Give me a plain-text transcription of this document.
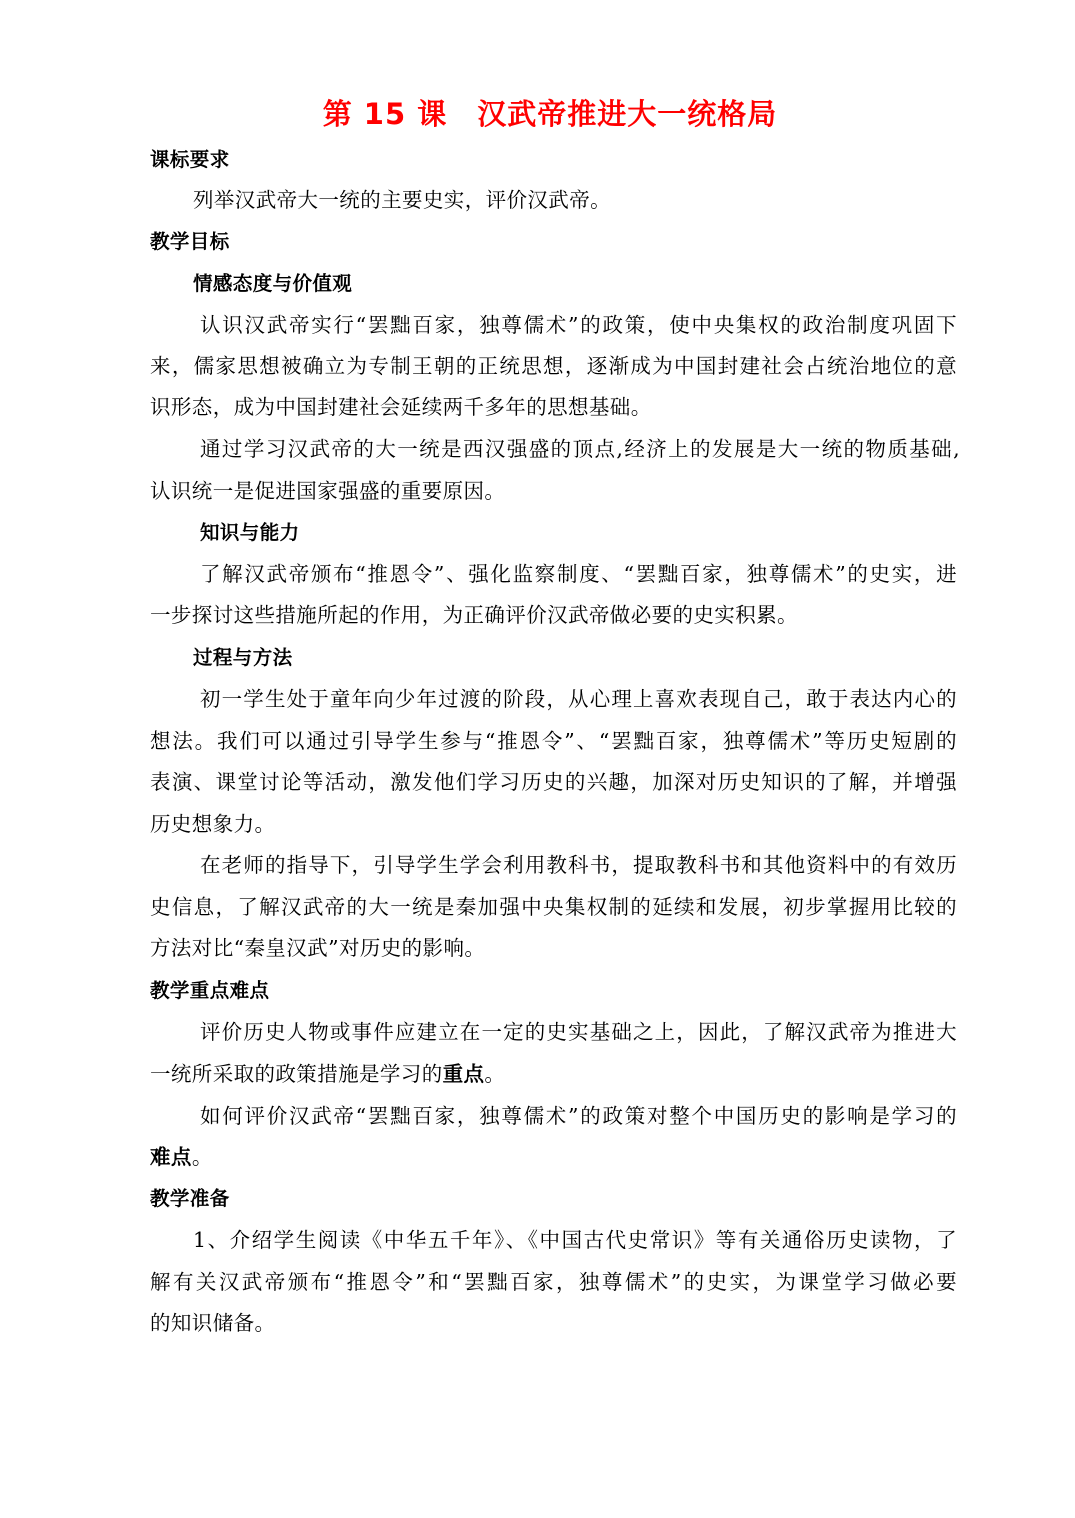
第 15 课 汉武帝推进大一统格局
课标要求
列举汉武帝大一统的主要史实，评价汉武帝。
教学目标
情感态度与价值观
认识汉武帝实行“罢黜百家，独尊儒术”的政策，使中央集权的政治制度巩固下
来，儒家思想被确立为专制王朝的正统思想，逐渐成为中国封建社会占统治地位的意
识形态，成为中国封建社会延续两千多年的思想基础。
通过学习汉武帝的大一统是西汉强盛的顶点,经济上的发展是大一统的物质基础,
认识统一是促进国家强盛的重要原因。
知识与能力
了解汉武帝颁布“推恩令”、强化监察制度、“罢黜百家，独尊儒术”的史实，进
一步探讨这些措施所起的作用，为正确评价汉武帝做必要的史实积累。
过程与方法
初一学生处于童年向少年过渡的阶段，从心理上喜欢表现自己，敢于表达内心的
想法。我们可以通过引导学生参与“推恩令”、“罢黜百家，独尊儒术”等历史短剧的
表演、课堂讨论等活动，激发他们学习历史的兴趣，加深对历史知识的了解，并增强
历史想象力。
在老师的指导下，引导学生学会利用教科书，提取教科书和其他资料中的有效历
史信息，了解汉武帝的大一统是秦加强中央集权制的延续和发展，初步掌握用比较的
方法对比“秦皇汉武”对历史的影响。
教学重点难点
评价历史人物或事件应建立在一定的史实基础之上，因此，了解汉武帝为推进大
一统所采取的政策措施是学习的重点。
如何评价汉武帝“罢黜百家，独尊儒术”的政策对整个中国历史的影响是学习的
难点。
教学准备
1、介绍学生阅读《中华五千年》、《中国古代史常识》等有关通俗历史读物，了
解有关汉武帝颁布“推恩令”和“罢黜百家，独尊儒术”的史实，为课堂学习做必要
的知识储备。
